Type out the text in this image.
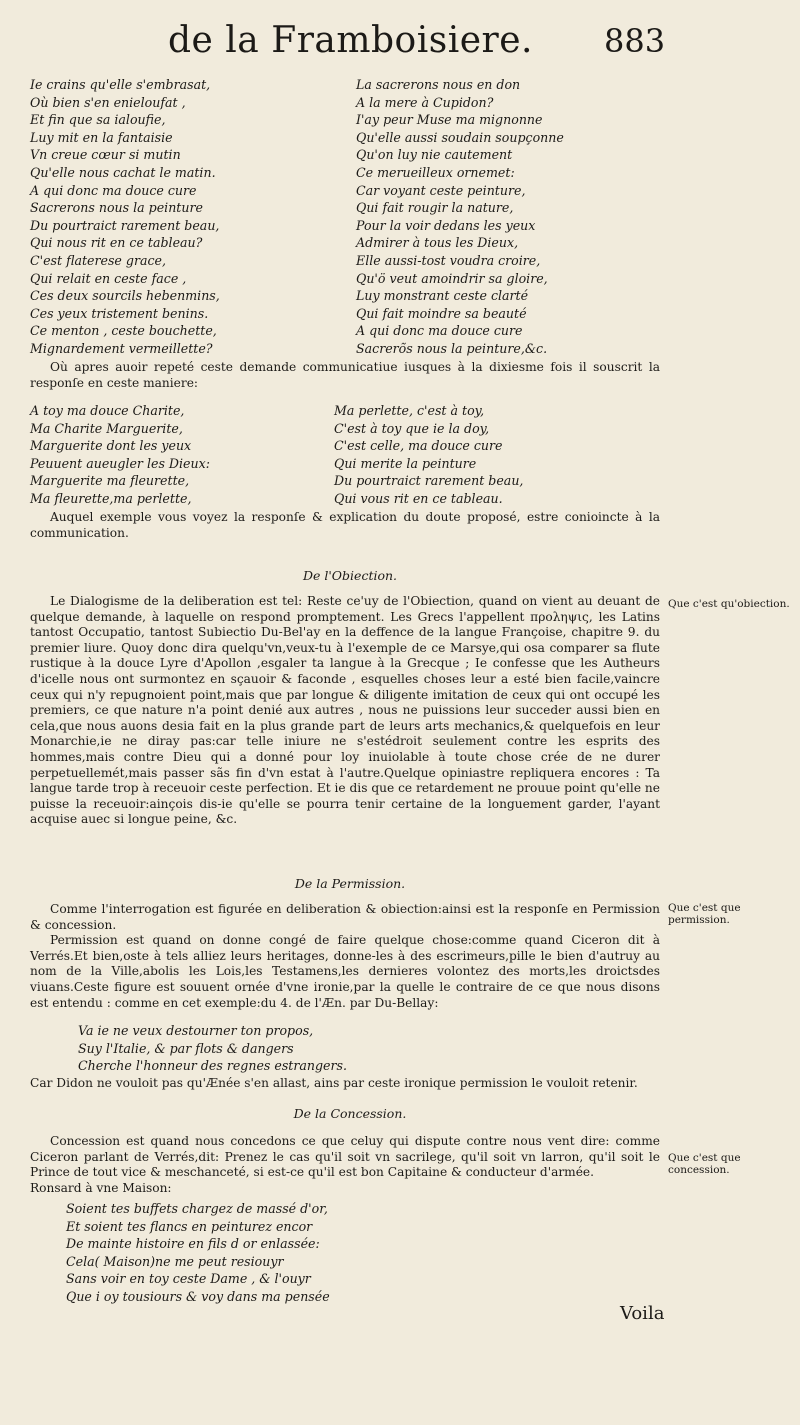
de la Framboisiere. 883
Ie crains qu'elle s'embrasat,
Où bien s'en enieloufat ,
Et fin que sa ialoufie,
Luy mit en la fantaisie
Vn creue cœur si mutin
Qu'elle nous cachat le matin.
A qui donc ma douce cure
Sacrerons nous la peinture
Du pourtraict rarement beau,
Qui nous rit en ce tableau?
C'est flaterese grace,
Qui relait en ceste face ,
Ces deux sourcils hebenmins,
Ces yeux tristement benins.
Ce menton , ceste bouchette,
Mignardement vermeillette?
La sacrerons nous en don
A la mere à Cupidon?
I'ay peur Muse ma mignonne
Qu'elle aussi soudain soupçonne
Qu'on luy nie cautement
Ce merueilleux ornemet:
Car voyant ceste peinture,
Qui fait rougir la nature,
Pour la voir dedans les yeux
Admirer à tous les Dieux,
Elle aussi-tost voudra croire,
Qu'ö veut amoindrir sa gloire,
Luy monstrant ceste clarté
Qui fait moindre sa beauté
A qui donc ma douce cure
Sacrerõs nous la peinture,&c.

Où apres auoir repeté ceste demande communicatiue iusques à la dixiesme fois il souscrit la responſe en ceste maniere:

A toy ma douce Charite,
Ma Charite Marguerite,
Marguerite dont les yeux
Peuuent aueugler les Dieux:
Marguerite ma fleurette,
Ma fleurette,ma perlette,
Ma perlette, c'est à toy,
C'est à toy que ie la doy,
C'est celle, ma douce cure
Qui merite la peinture
Du pourtraict rarement beau,
Qui vous rit en ce tableau.

Auquel exemple vous voyez la responſe & explication du doute proposé, estre conioincte à la communication.

De l'Obiection.

Le Dialogisme de la deliberation est tel: Reste ce'uy de l'Obiection, quand on vient au deuant de quelque demande, à laquelle on respond promptement. Les Grecs l'appellent προληψις, les Latins tantost Occupatio, tantost Subiectio Du-Bel'ay en la deffence de la langue Françoise, chapitre 9. du premier liure. Quoy donc dira quelqu'vn,veux-tu à l'exemple de ce Marsye,qui osa comparer sa flute rustique à la douce Lyre d'Apollon ,esgaler ta langue à la Grecque ; Ie confesse que les Autheurs d'icelle nous ont surmontez en sçauoir & faconde , esquelles choses leur a esté bien facile,vaincre ceux qui n'y repugnoient point,mais que par longue & diligente imitation de ceux qui ont occupé les premiers, ce que nature n'a point denié aux autres , nous ne puissions leur succeder aussi bien en cela,que nous auons desia fait en la plus grande part de leurs arts mechanics,& quelquefois en leur Monarchie,ie ne diray pas:car telle iniure ne s'estédroit seulement contre les esprits des hommes,mais contre Dieu qui a donné pour loy inuiolable à toute chose crée de ne durer perpetuellemét,mais passer sãs fin d'vn estat à l'autre.Quelque opiniastre repliquera encores : Ta langue tarde trop à receuoir ceste perfection. Et ie dis que ce retardement ne prouue point qu'elle ne puisse la receuoir:ainçois dis-ie qu'elle se pourra tenir certaine de la longuement garder, l'ayant acquise auec si longue peine, &c.

Que c'est qu'obiection.
De la Permission.

Comme l'interrogation est figurée en deliberation & obiection:ainsi est la responſe en Permission & concession.

Permission est quand on donne congé de faire quelque chose:comme quand Ciceron dit à Verrés.Et bien,oste à tels alliez leurs heritages, donne-les à des escrimeurs,pille le bien d'autruy au nom de la Ville,abolis les Lois,les Testamens,les dernieres volontez des morts,les droictsdes viuans.Ceste figure est souuent ornée d'vne ironie,par la quelle le contraire de ce que nous disons est entendu : comme en cet exemple:du 4. de l'Æn. par Du-Bellay:

Que c'est que permission.
Va ie ne veux destourner ton propos,
Suy l'Italie, & par flots & dangers
Cherche l'honneur des regnes estrangers.

Car Didon ne vouloit pas qu'Ænée s'en allast, ains par ceste ironique permission le vouloit retenir.

De la Concession.

Concession est quand nous concedons ce que celuy qui dispute contre nous vent dire: comme Ciceron parlant de Verrés,dit: Prenez le cas qu'il soit vn sacrilege, qu'il soit vn larron, qu'il soit le Prince de tout vice & meschanceté, si est-ce qu'il est bon Capitaine & conducteur d'armée.

Ronsard à vne Maison:

Que c'est que concession.
Soient tes buffets chargez de massé d'or,
Et soient tes flancs en peinturez encor
De mainte histoire en fils d or enlassée:
Cela( Maison)ne me peut resiouyr
Sans voir en toy ceste Dame , & l'ouyr
Que i oy tousiours & voy dans ma pensée
Voila
